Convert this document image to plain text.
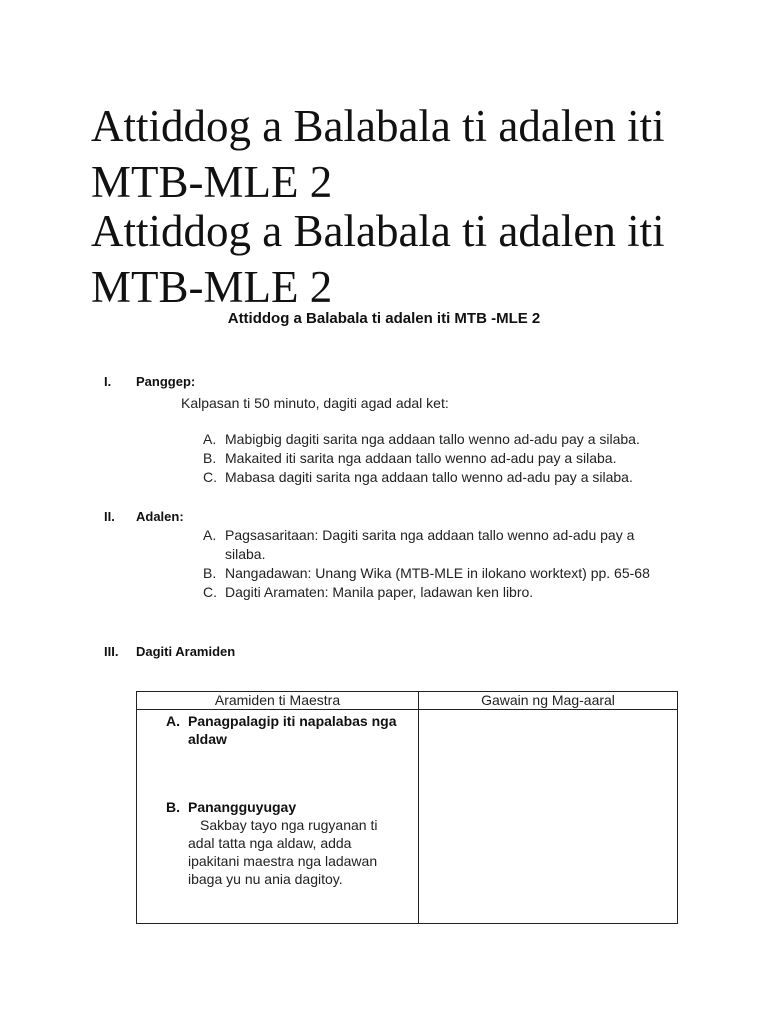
Attiddog a Balabala ti adalen iti MTB-MLE 2
Attiddog a Balabala ti adalen iti MTB-MLE 2
Attiddog a Balabala ti adalen iti MTB -MLE 2
I. Panggep:
Kalpasan ti 50 minuto, dagiti agad adal ket:
A. Mabigbig dagiti sarita nga addaan tallo wenno ad-adu pay a silaba.
B. Makaited iti sarita nga addaan tallo wenno ad-adu pay a silaba.
C. Mabasa dagiti sarita nga addaan tallo wenno ad-adu pay a silaba.
II. Adalen:
A. Pagsasaritaan: Dagiti sarita nga addaan tallo wenno ad-adu pay a silaba.
B. Nangadawan: Unang Wika (MTB-MLE in ilokano worktext) pp. 65-68
C. Dagiti Aramaten: Manila paper, ladawan ken libro.
III. Dagiti Aramiden
Aramiden ti Maestra	Gawain ng Mag-aaral

A. Panagpalagip iti napalabas nga aldaw
B. Panangguyugay
Sakbay tayo nga rugyanan ti adal tatta nga aldaw, adda ipakitani maestra nga ladawan ibaga yu nu ania dagitoy.	
